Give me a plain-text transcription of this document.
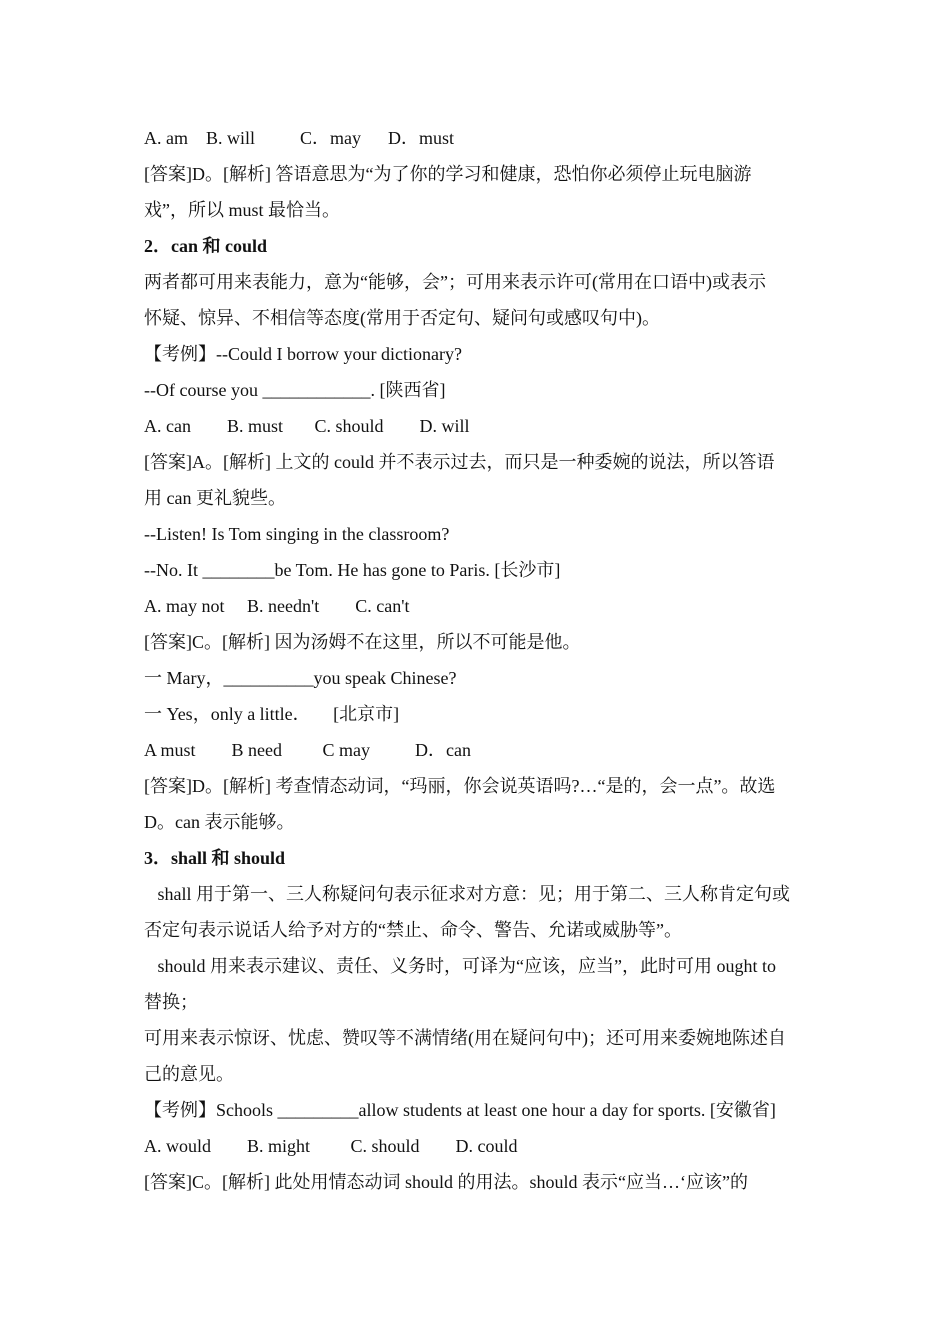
A. am    B. will          C．may      D．must
[答案]D。[解析] 答语意思为“为了你的学习和健康，恐怕你必须停止玩电脑游
戏”，所以 must 最恰当。
2．can 和 could
两者都可用来表能力，意为“能够，会”；可用来表示许可(常用在口语中)或表示
怀疑、惊异、不相信等态度(常用于否定句、疑问句或感叹句中)。
【考例】--Could I borrow your dictionary?
--Of course you ____________. [陕西省]
A. can        B. must       C. should        D. will
[答案]A。[解析] 上文的 could 并不表示过去，而只是一种委婉的说法，所以答语
用 can 更礼貌些。
--Listen! Is Tom singing in the classroom?
--No. It ________be Tom. He has gone to Paris. [长沙市]
A. may not     B. needn't        C. can't
[答案]C。[解析] 因为汤姆不在这里，所以不可能是他。
一 Mary，__________you speak Chinese?
一 Yes，only a little．     [北京市]
A must        B need         C may          D．can
[答案]D。[解析] 考查情态动词，“玛丽，你会说英语吗?…“是的，会一点”。故选
D。can 表示能够。
3．shall 和 should
shall 用于第一、三人称疑问句表示征求对方意：见；用于第二、三人称肯定句或
否定句表示说话人给予对方的“禁止、命令、警告、允诺或威胁等”。
should 用来表示建议、责任、义务时，可译为“应该，应当”，此时可用 ought to
替换；
可用来表示惊讶、忧虑、赞叹等不满情绪(用在疑问句中)；还可用来委婉地陈述自
己的意见。
【考例】Schools _________allow students at least one hour a day for sports. [安徽省]
A. would        B. might         C. should        D. could
[答案]C。[解析] 此处用情态动词 should 的用法。should 表示“应当…‘应该”的
